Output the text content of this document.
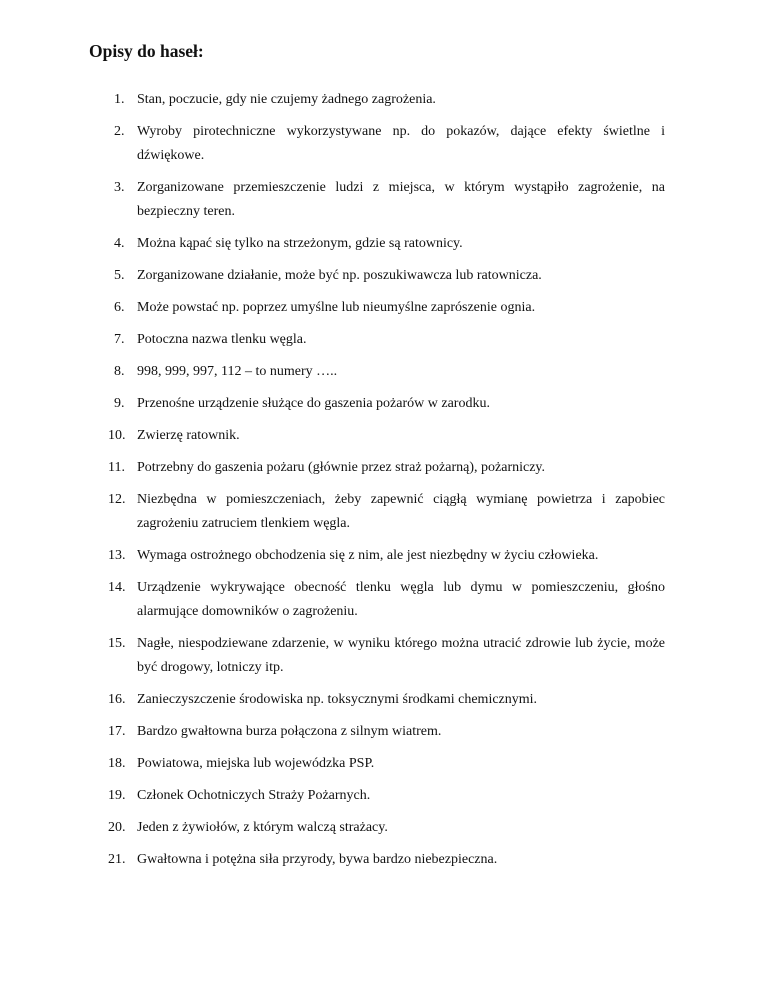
Opisy do haseł:
1. Stan, poczucie, gdy nie czujemy żadnego zagrożenia.
2. Wyroby pirotechniczne wykorzystywane np. do pokazów, dające efekty świetlne i dźwiękowe.
3. Zorganizowane przemieszczenie ludzi z miejsca, w którym wystąpiło zagrożenie, na bezpieczny teren.
4. Można kąpać się tylko na strzeżonym, gdzie są ratownicy.
5. Zorganizowane działanie, może być np. poszukiwawcza lub ratownicza.
6. Może powstać np. poprzez umyślne lub nieumyślne zaprószenie ognia.
7. Potoczna nazwa tlenku węgla.
8. 998, 999, 997, 112 – to numery …..
9. Przenośne urządzenie służące do gaszenia pożarów w zarodku.
10. Zwierzę ratownik.
11. Potrzebny do gaszenia pożaru (głównie przez straż pożarną), pożarniczy.
12. Niezbędna w pomieszczeniach, żeby zapewnić ciągłą wymianę powietrza i zapobiec zagrożeniu zatruciem tlenkiem węgla.
13. Wymaga ostrożnego obchodzenia się z nim, ale jest niezbędny w życiu człowieka.
14. Urządzenie wykrywające obecność tlenku węgla lub dymu w pomieszczeniu, głośno alarmujące domowników o zagrożeniu.
15. Nagłe, niespodziewane zdarzenie, w wyniku którego można utracić zdrowie lub życie, może być drogowy, lotniczy itp.
16. Zanieczyszczenie środowiska np. toksycznymi środkami chemicznymi.
17. Bardzo gwałtowna burza połączona z silnym wiatrem.
18. Powiatowa, miejska lub wojewódzka PSP.
19. Członek Ochotniczych Straży Pożarnych.
20. Jeden z żywiołów, z którym walczą strażacy.
21. Gwałtowna i potężna siła przyrody, bywa bardzo niebezpieczna.
